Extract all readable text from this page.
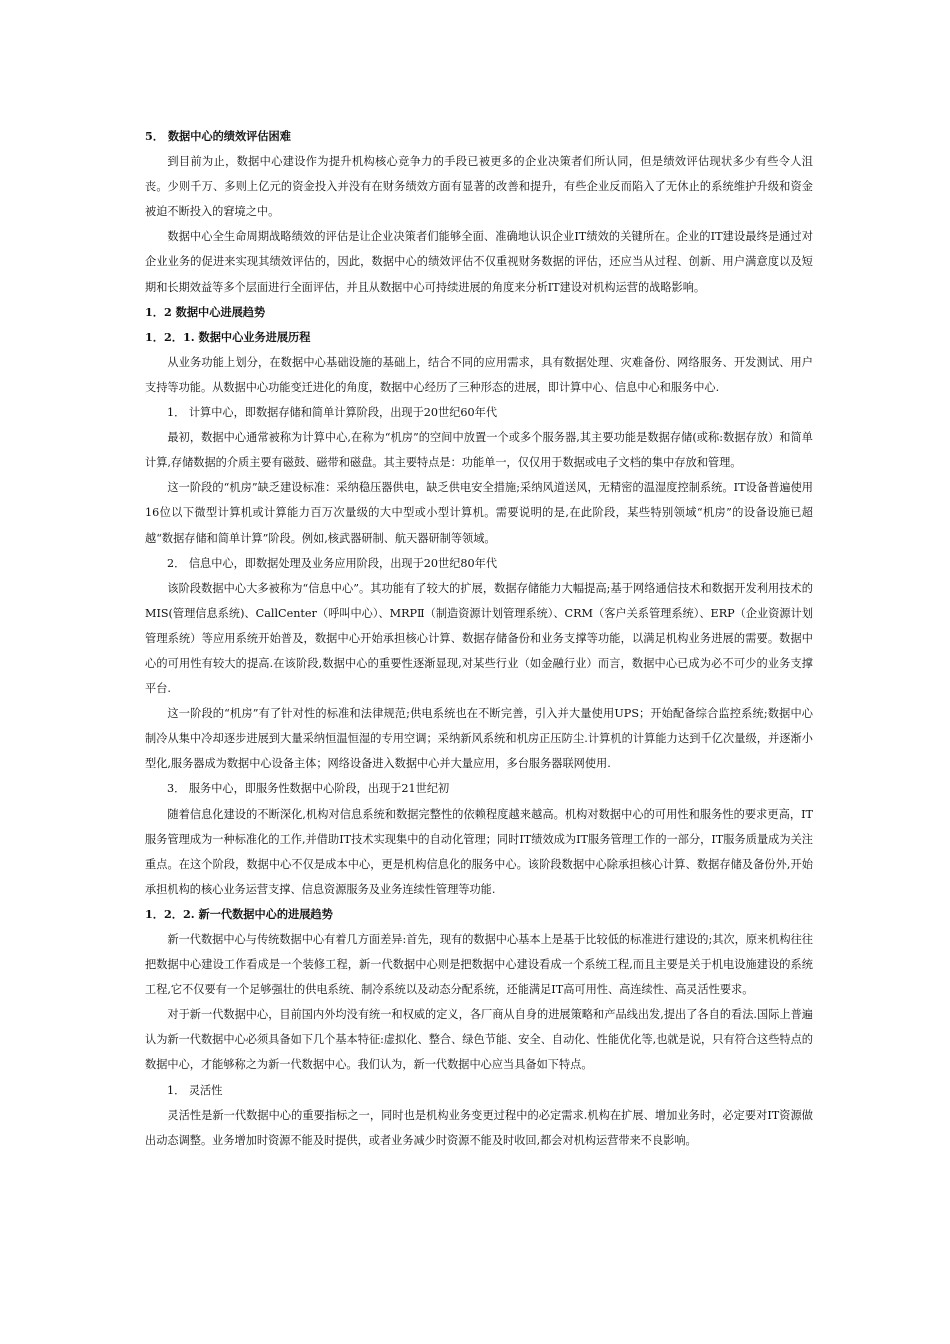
5． 数据中心的绩效评估困难

到目前为止，数据中心建设作为提升机构核心竞争力的手段已被更多的企业决策者们所认同，但是绩效评估现状多少有些令人沮丧。少则千万、多则上亿元的资金投入并没有在财务绩效方面有显著的改善和提升，有些企业反而陷入了无休止的系统维护升级和资金被迫不断投入的窘境之中。

数据中心全生命周期战略绩效的评估是让企业决策者们能够全面、准确地认识企业IT绩效的关键所在。企业的IT建设最终是通过对企业业务的促进来实现其绩效评估的，因此，数据中心的绩效评估不仅重视财务数据的评估，还应当从过程、创新、用户满意度以及短期和长期效益等多个层面进行全面评估，并且从数据中心可持续进展的角度来分析IT建设对机构运营的战略影响。

1．2 数据中心进展趋势

1．2．1. 数据中心业务进展历程

从业务功能上划分，在数据中心基础设施的基础上，结合不同的应用需求，具有数据处理、灾难备份、网络服务、开发测试、用户支持等功能。从数据中心功能变迁进化的角度，数据中心经历了三种形态的进展，即计算中心、信息中心和服务中心.

1． 计算中心，即数据存储和简单计算阶段，出现于20世纪60年代

最初，数据中心通常被称为计算中心,在称为“机房”的空间中放置一个或多个服务器,其主要功能是数据存储(或称:数据存放）和简单计算,存储数据的介质主要有磁鼓、磁带和磁盘。其主要特点是：功能单一，仅仅用于数据或电子文档的集中存放和管理。

这一阶段的“机房”缺乏建设标准：采纳稳压器供电，缺乏供电安全措施;采纳风道送风，无精密的温湿度控制系统。IT设备普遍使用16位以下微型计算机或计算能力百万次量级的大中型或小型计算机。需要说明的是,在此阶段，某些特别领域“机房”的设备设施已超越“数据存储和简单计算”阶段。例如,核武器研制、航天器研制等领域。

2． 信息中心，即数据处理及业务应用阶段，出现于20世纪80年代

该阶段数据中心大多被称为“信息中心”。其功能有了较大的扩展，数据存储能力大幅提高;基于网络通信技术和数据开发利用技术的MIS(管理信息系统)、CallCenter（呼叫中心）、MRPⅡ（制造资源计划管理系统）、CRM（客户关系管理系统）、ERP（企业资源计划管理系统）等应用系统开始普及，数据中心开始承担核心计算、数据存储备份和业务支撑等功能，以满足机构业务进展的需要。数据中心的可用性有较大的提高.在该阶段,数据中心的重要性逐渐显现,对某些行业（如金融行业）而言，数据中心已成为必不可少的业务支撑平台.

这一阶段的“机房”有了针对性的标准和法律规范;供电系统也在不断完善，引入并大量使用UPS；开始配备综合监控系统;数据中心制冷从集中冷却逐步进展到大量采纳恒温恒湿的专用空调；采纳新风系统和机房正压防尘.计算机的计算能力达到千亿次量级，并逐渐小型化,服务器成为数据中心设备主体；网络设备进入数据中心并大量应用，多台服务器联网使用.

3． 服务中心，即服务性数据中心阶段，出现于21世纪初

随着信息化建设的不断深化,机构对信息系统和数据完整性的依赖程度越来越高。机构对数据中心的可用性和服务性的要求更高，IT服务管理成为一种标准化的工作,并借助IT技术实现集中的自动化管理；同时IT绩效成为IT服务管理工作的一部分，IT服务质量成为关注重点。在这个阶段，数据中心不仅是成本中心，更是机构信息化的服务中心。该阶段数据中心除承担核心计算、数据存储及备份外,开始承担机构的核心业务运营支撑、信息资源服务及业务连续性管理等功能.

1．2．2. 新一代数据中心的进展趋势

新一代数据中心与传统数据中心有着几方面差异:首先，现有的数据中心基本上是基于比较低的标准进行建设的;其次，原来机构往往把数据中心建设工作看成是一个装修工程，新一代数据中心则是把数据中心建设看成一个系统工程,而且主要是关于机电设施建设的系统工程,它不仅要有一个足够强壮的供电系统、制冷系统以及动态分配系统，还能满足IT高可用性、高连续性、高灵活性要求。

对于新一代数据中心，目前国内外均没有统一和权威的定义，各厂商从自身的进展策略和产品线出发,提出了各自的看法.国际上普遍认为新一代数据中心必须具备如下几个基本特征:虚拟化、整合、绿色节能、安全、自动化、性能优化等,也就是说，只有符合这些特点的数据中心，才能够称之为新一代数据中心。我们认为，新一代数据中心应当具备如下特点。

1． 灵活性

灵活性是新一代数据中心的重要指标之一，同时也是机构业务变更过程中的必定需求.机构在扩展、增加业务时，必定要对IT资源做出动态调整。业务增加时资源不能及时提供，或者业务减少时资源不能及时收回,都会对机构运营带来不良影响。
